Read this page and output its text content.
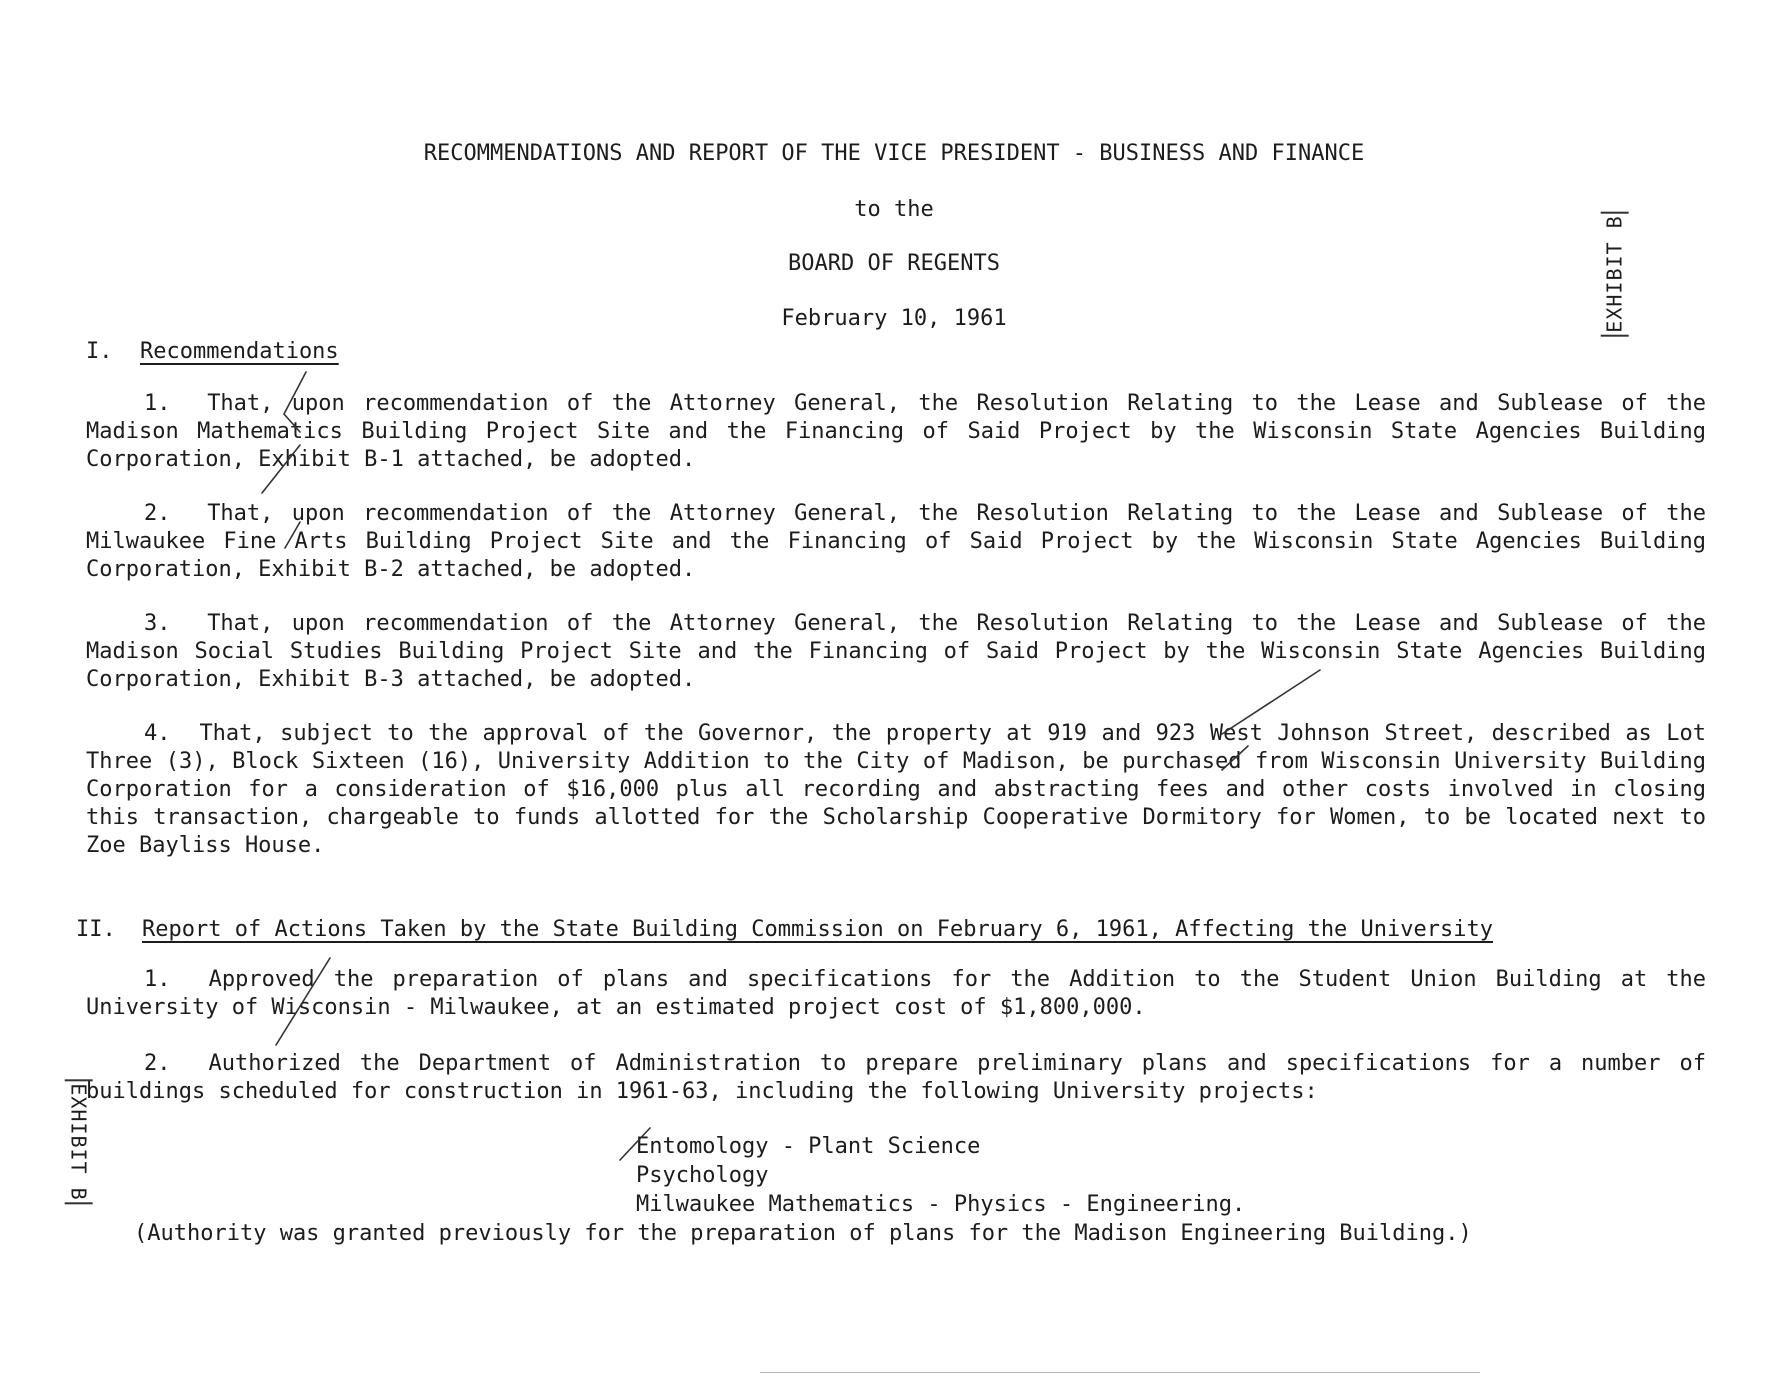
RECOMMENDATIONS AND REPORT OF THE VICE PRESIDENT - BUSINESS AND FINANCE
to the
BOARD OF REGENTS
February 10, 1961	EXHIBIT B
EXHIBIT B
I. Recommendations
1. That, upon recommendation of the Attorney General, the Resolution Relating to the Lease and Sublease of the Madison Mathematics Building Project Site and the Financing of Said Project by the Wisconsin State Agencies Building Corporation, Exhibit B-1 attached, be adopted.
2. That, upon recommendation of the Attorney General, the Resolution Relating to the Lease and Sublease of the Milwaukee Fine Arts Building Project Site and the Financing of Said Project by the Wisconsin State Agencies Building Corporation, Exhibit B-2 attached, be adopted.
3. That, upon recommendation of the Attorney General, the Resolution Relating to the Lease and Sublease of the Madison Social Studies Building Project Site and the Financing of Said Project by the Wisconsin State Agencies Building Corporation, Exhibit B-3 attached, be adopted.
4. That, subject to the approval of the Governor, the property at 919 and 923 West Johnson Street, described as Lot Three (3), Block Sixteen (16), University Addition to the City of Madison, be purchased from Wisconsin University Building Corporation for a consideration of $16,000 plus all recording and abstracting fees and other costs involved in closing this transaction, chargeable to funds allotted for the Scholarship Cooperative Dormitory for Women, to be located next to Zoe Bayliss House.
II. Report of Actions Taken by the State Building Commission on February 6, 1961, Affecting the University
1. Approved the preparation of plans and specifications for the Addition to the Student Union Building at the University of Wisconsin - Milwaukee, at an estimated project cost of $1,800,000.
2. Authorized the Department of Administration to prepare preliminary plans and specifications for a number of buildings scheduled for construction in 1961-63, including the following University projects:
Entomology - Plant Science
Psychology
Milwaukee Mathematics - Physics - Engineering.
(Authority was granted previously for the preparation of plans for the Madison Engineering Building.)
